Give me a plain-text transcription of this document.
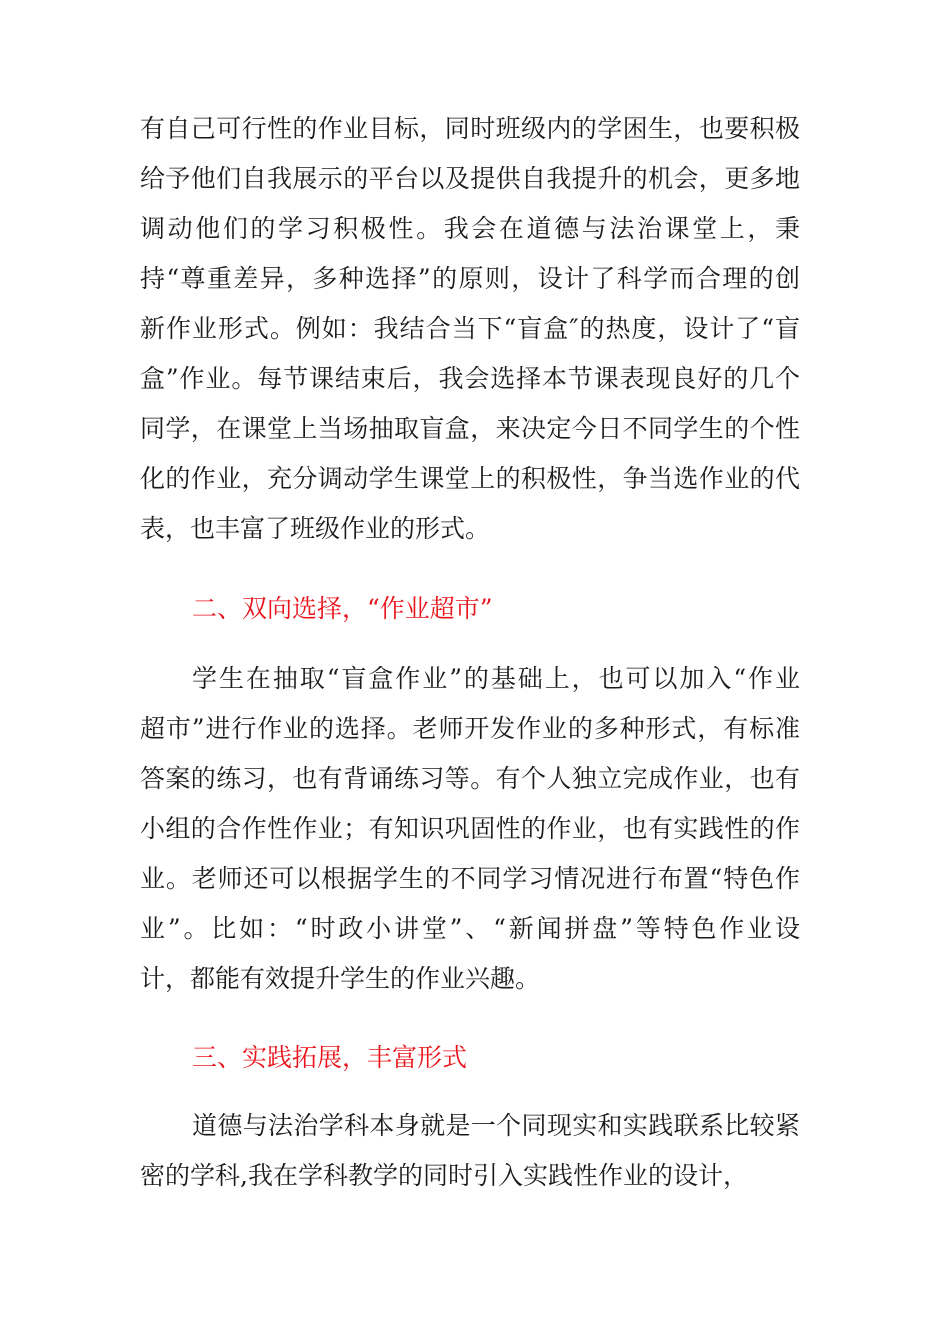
有自己可行性的作业目标，同时班级内的学困生，也要积极
给予他们自我展示的平台以及提供自我提升的机会，更多地
调动他们的学习积极性。我会在道德与法治课堂上，秉
持“尊重差异，多种选择”的原则，设计了科学而合理的创
新作业形式。例如：我结合当下“盲盒″的热度，设计了“盲
盒”作业。每节课结束后，我会选择本节课表现良好的几个
同学，在课堂上当场抽取盲盒，来决定今日不同学生的个性
化的作业，充分调动学生课堂上的积极性，争当选作业的代
表，也丰富了班级作业的形式。
二、双向选择，“作业超市”
学生在抽取“盲盒作业”的基础上，也可以加入“作业
超市”进行作业的选择。老师开发作业的多种形式，有标准
答案的练习，也有背诵练习等。有个人独立完成作业，也有
小组的合作性作业；有知识巩固性的作业，也有实践性的作
业。老师还可以根据学生的不同学习情况进行布置“特色作
业”。比如：“时政小讲堂”、“新闻拼盘”等特色作业设
计，都能有效提升学生的作业兴趣。
三、实践拓展，丰富形式
道德与法治学科本身就是一个同现实和实践联系比较紧
密的学科,我在学科教学的同时引入实践性作业的设计，
